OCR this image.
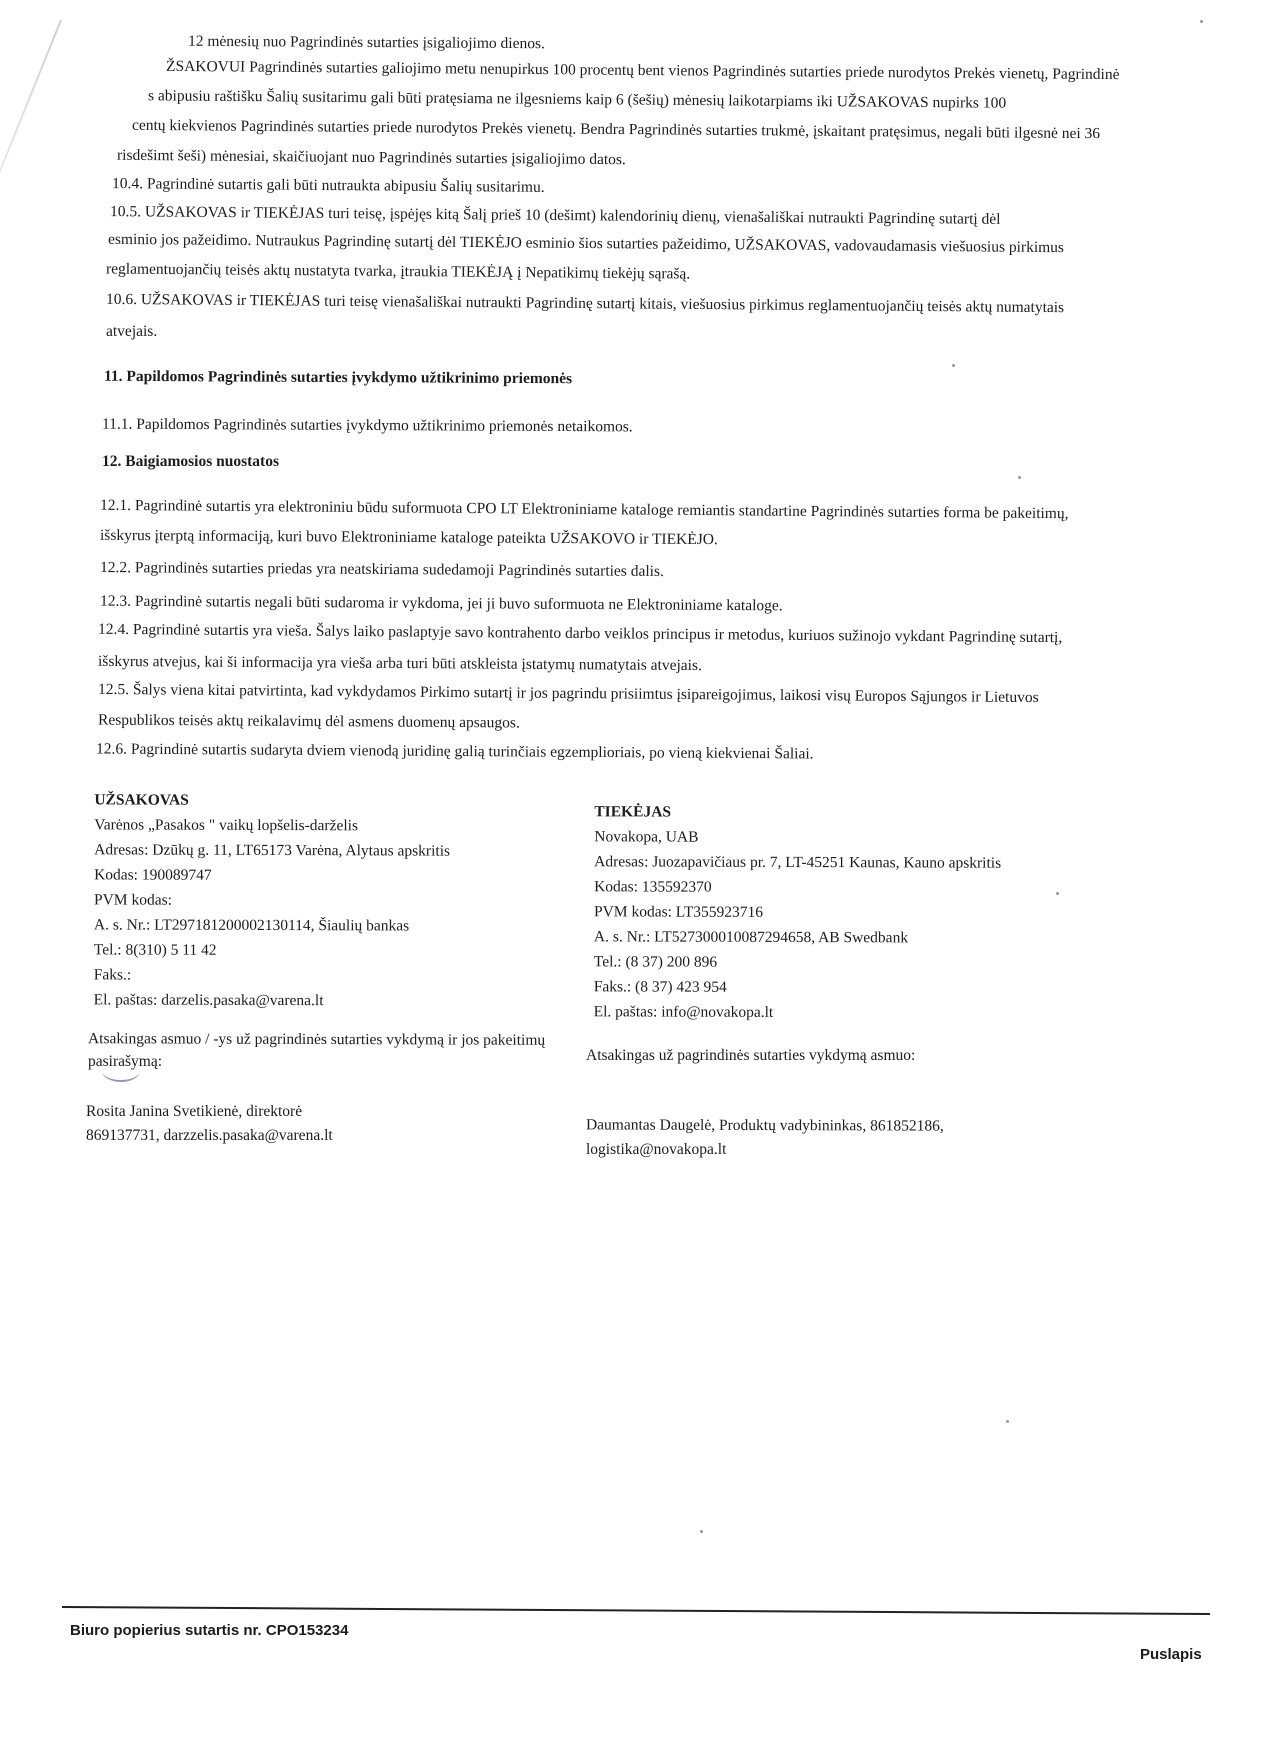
12 mėnesių nuo Pagrindinės sutarties įsigaliojimo dienos.
ŽSAKOVUI Pagrindinės sutarties galiojimo metu nenupirkus 100 procentų bent vienos Pagrindinės sutarties priede nurodytos Prekės vienetų, Pagrindinė
s abipusiu raštišku Šalių susitarimu gali būti pratęsiama ne ilgesniems kaip 6 (šešių) mėnesių laikotarpiams iki UŽSAKOVAS nupirks 100
centų kiekvienos Pagrindinės sutarties priede nurodytos Prekės vienetų. Bendra Pagrindinės sutarties trukmė, įskaitant pratęsimus, negali būti ilgesnė nei 36
risdešimt šeši) mėnesiai, skaičiuojant nuo Pagrindinės sutarties įsigaliojimo datos.
10.4. Pagrindinė sutartis gali būti nutraukta abipusiu Šalių susitarimu.
10.5. UŽSAKOVAS ir TIEKĖJAS turi teisę, įspėjęs kitą Šalį prieš 10 (dešimt) kalendorinių dienų, vienašališkai nutraukti Pagrindinę sutartį dėl
esminio jos pažeidimo. Nutraukus Pagrindinę sutartį dėl TIEKĖJO esminio šios sutarties pažeidimo, UŽSAKOVAS, vadovaudamasis viešuosius pirkimus
reglamentuojančių teisės aktų nustatyta tvarka, įtraukia TIEKĖJĄ į Nepatikimų tiekėjų sąrašą.
10.6. UŽSAKOVAS ir TIEKĖJAS turi teisę vienašališkai nutraukti Pagrindinę sutartį kitais, viešuosius pirkimus reglamentuojančių teisės aktų numatytais
atvejais.
11. Papildomos Pagrindinės sutarties įvykdymo užtikrinimo priemonės
11.1. Papildomos Pagrindinės sutarties įvykdymo užtikrinimo priemonės netaikomos.
12. Baigiamosios nuostatos
12.1. Pagrindinė sutartis yra elektroniniu būdu suformuota CPO LT Elektroniniame kataloge remiantis standartine Pagrindinės sutarties forma be pakeitimų,
išskyrus įterptą informaciją, kuri buvo Elektroniniame kataloge pateikta UŽSAKOVO ir TIEKĖJO.
12.2. Pagrindinės sutarties priedas yra neatskiriama sudedamoji Pagrindinės sutarties dalis.
12.3. Pagrindinė sutartis negali būti sudaroma ir vykdoma, jei ji buvo suformuota ne Elektroniniame kataloge.
12.4. Pagrindinė sutartis yra vieša. Šalys laiko paslaptyje savo kontrahento darbo veiklos principus ir metodus, kuriuos sužinojo vykdant Pagrindinę sutartį,
išskyrus atvejus, kai ši informacija yra vieša arba turi būti atskleista įstatymų numatytais atvejais.
12.5. Šalys viena kitai patvirtinta, kad vykdydamos Pirkimo sutartį ir jos pagrindu prisiimtus įsipareigojimus, laikosi visų Europos Sąjungos ir Lietuvos
Respublikos teisės aktų reikalavimų dėl asmens duomenų apsaugos.
12.6. Pagrindinė sutartis sudaryta dviem vienodą juridinę galią turinčiais egzemplioriais, po vieną kiekvienai Šaliai.
UŽSAKOVAS
Varėnos „Pasakos " vaikų lopšelis-darželis
Adresas: Dzūkų g. 11, LT65173 Varėna, Alytaus apskritis
Kodas: 190089747
PVM kodas:
A. s. Nr.: LT297181200002130114, Šiaulių bankas
Tel.: 8(310) 5 11 42
Faks.:
El. paštas: darzelis.pasaka@varena.lt
TIEKĖJAS
Novakopa, UAB
Adresas: Juozapavičiaus pr. 7, LT-45251 Kaunas, Kauno apskritis
Kodas: 135592370
PVM kodas: LT355923716
A. s. Nr.: LT527300010087294658, AB Swedbank
Tel.: (8 37) 200 896
Faks.: (8 37) 423 954
El. paštas: info@novakopa.lt
Atsakingas asmuo / -ys už pagrindinės sutarties vykdymą ir jos pakeitimų
pasirašymą:
Rosita Janina Svetikienė, direktorė
869137731, darzzelis.pasaka@varena.lt
Atsakingas už pagrindinės sutarties vykdymą asmuo:
Daumantas Daugelė, Produktų vadybininkas, 861852186,
logistika@novakopa.lt
Biuro popierius sutartis nr. CPO153234
Puslapis
